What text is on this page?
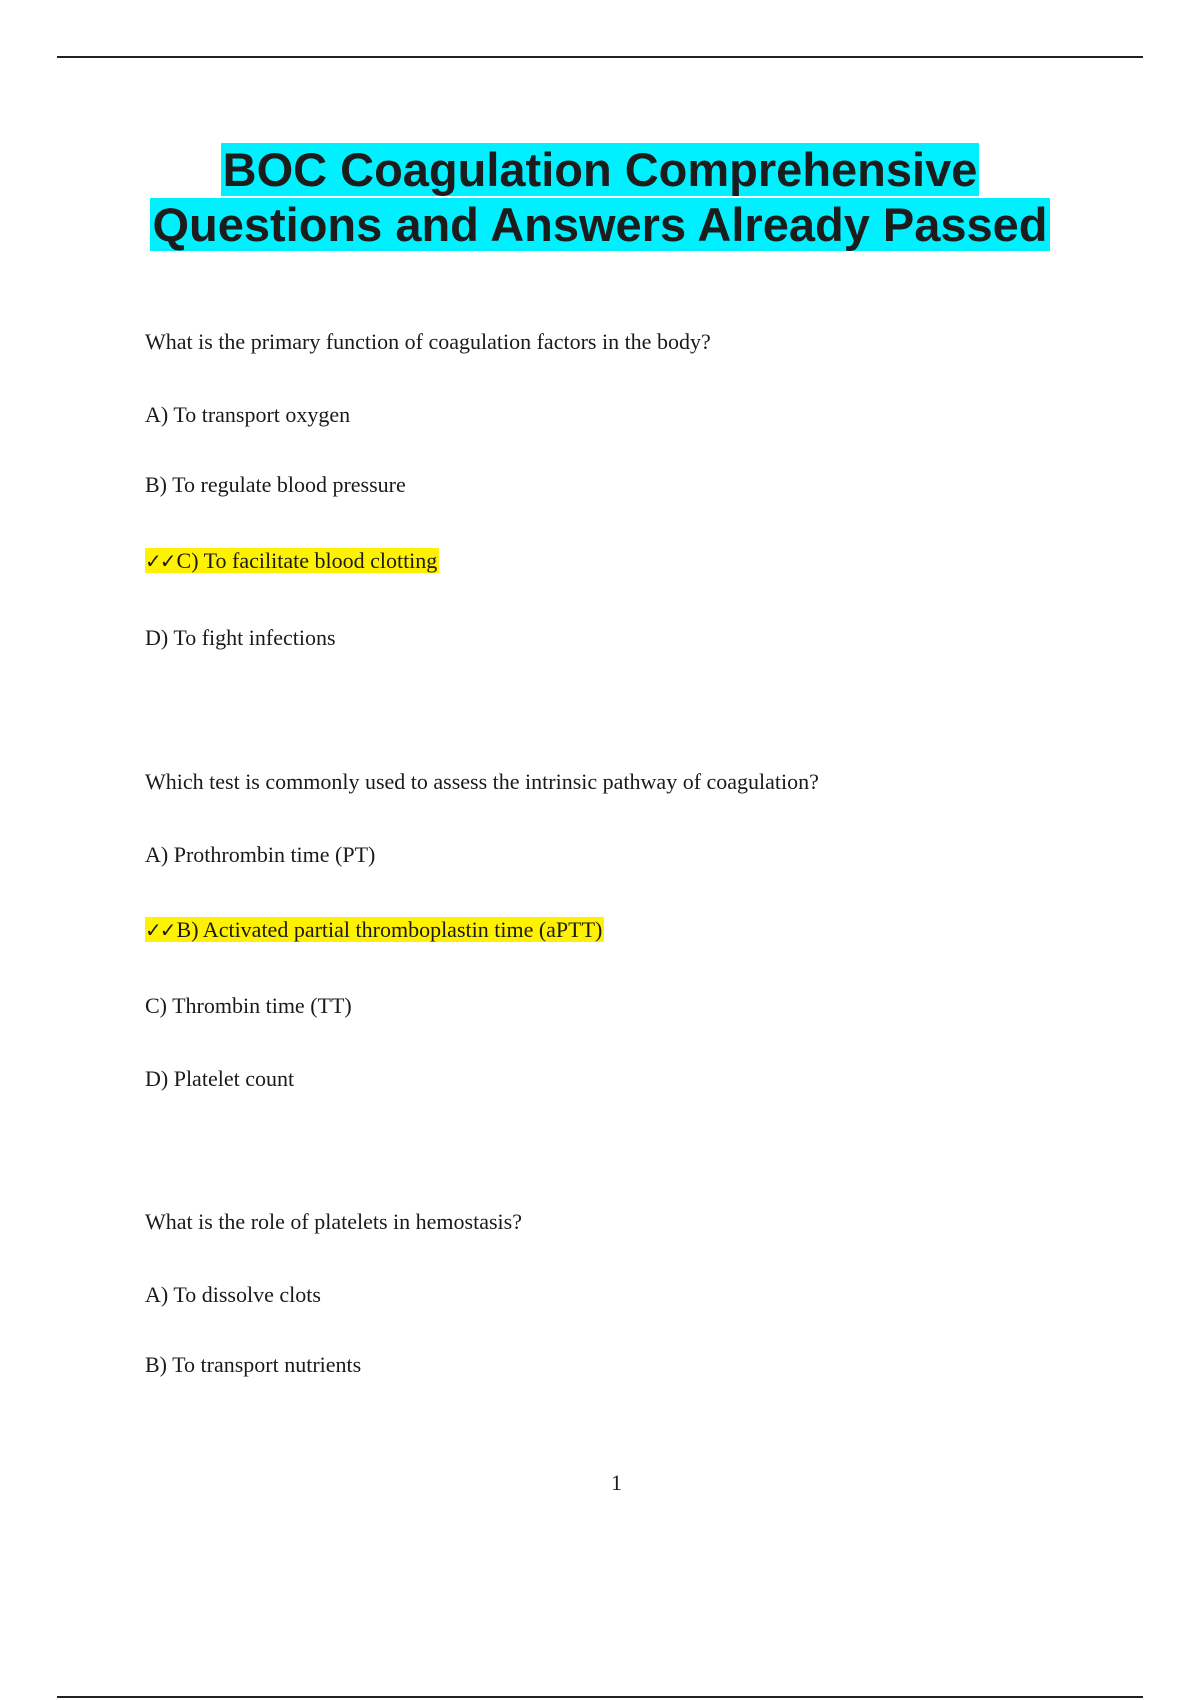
BOC Coagulation Comprehensive
Questions and Answers Already Passed
What is the primary function of coagulation factors in the body?
A) To transport oxygen
B) To regulate blood pressure
✓✓C) To facilitate blood clotting
D) To fight infections
Which test is commonly used to assess the intrinsic pathway of coagulation?
A) Prothrombin time (PT)
✓✓B) Activated partial thromboplastin time (aPTT)
C) Thrombin time (TT)
D) Platelet count
What is the role of platelets in hemostasis?
A) To dissolve clots
B) To transport nutrients
1
